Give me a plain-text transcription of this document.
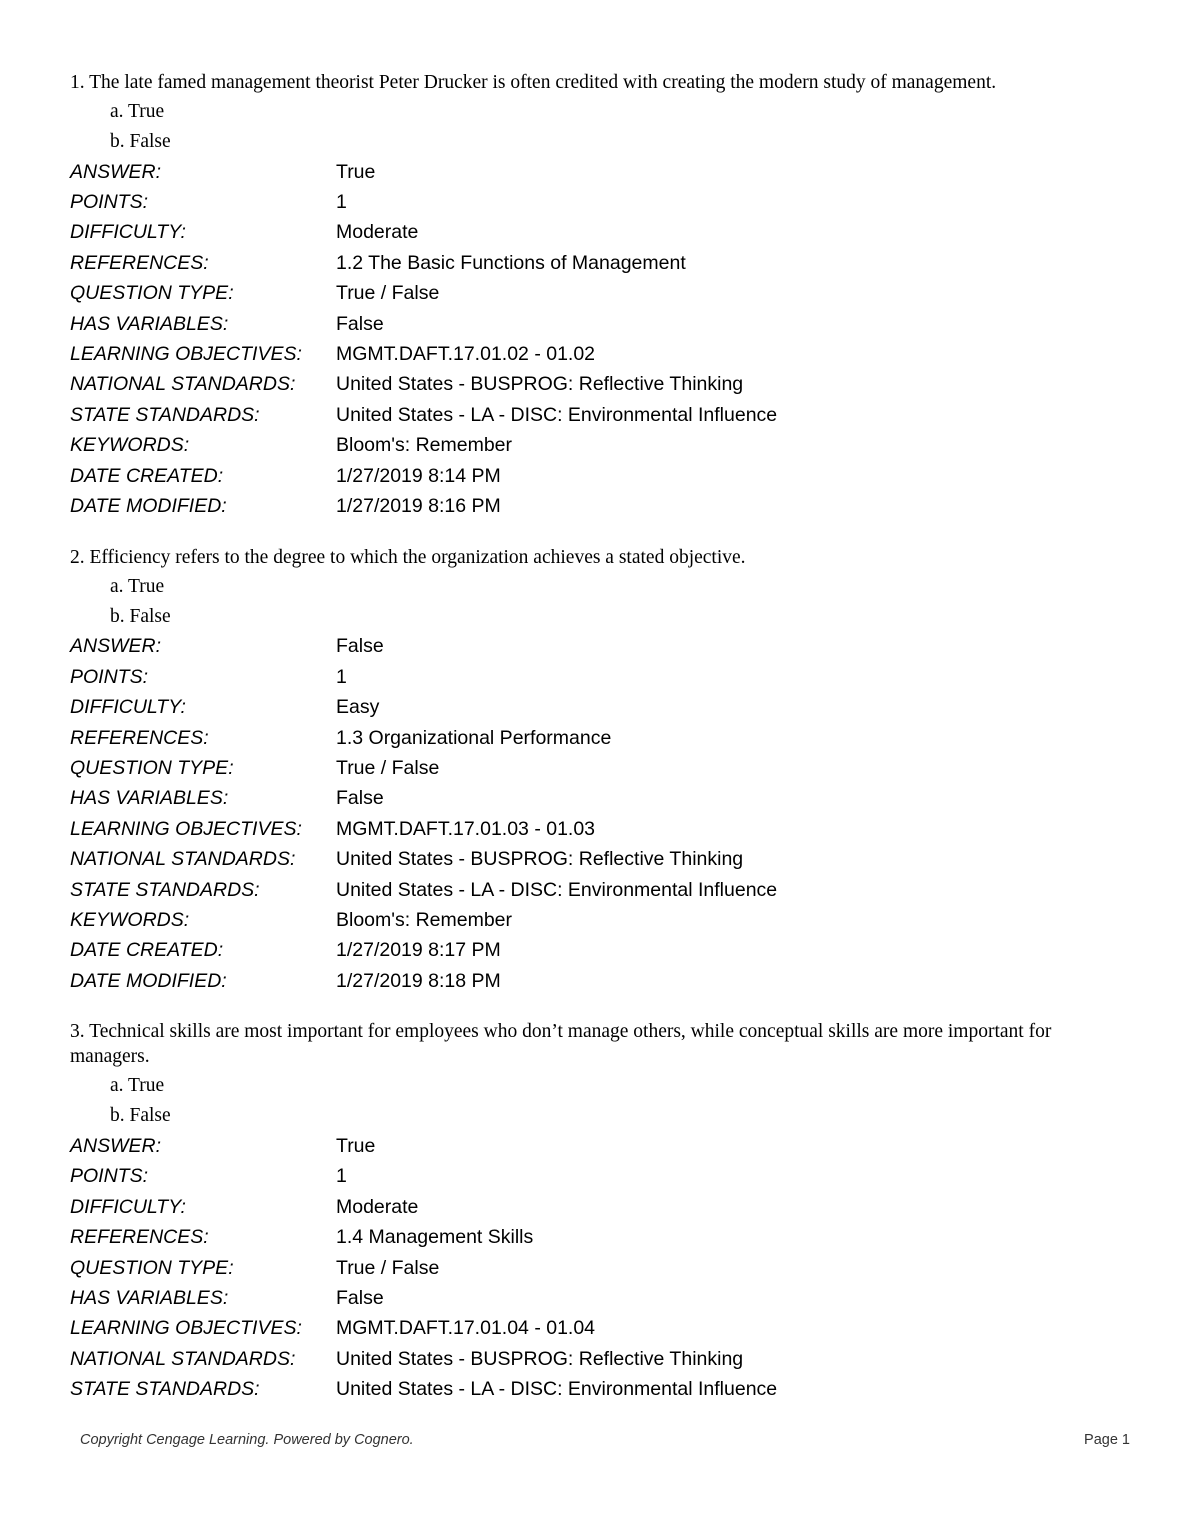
1. The late famed management theorist Peter Drucker is often credited with creating the modern study of management.

a. True
b. False
ANSWER:	True
POINTS:	1
DIFFICULTY:	Moderate
REFERENCES:	1.2 The Basic Functions of Management
QUESTION TYPE:	True / False
HAS VARIABLES:	False
LEARNING OBJECTIVES:	MGMT.DAFT.17.01.02 - 01.02
NATIONAL STANDARDS:	United States - BUSPROG: Reflective Thinking
STATE STANDARDS:	United States - LA - DISC: Environmental Influence
KEYWORDS:	Bloom's: Remember
DATE CREATED:	1/27/2019 8:14 PM
DATE MODIFIED:	1/27/2019 8:16 PM

2. Efficiency refers to the degree to which the organization achieves a stated objective.

a. True
b. False
ANSWER:	False
POINTS:	1
DIFFICULTY:	Easy
REFERENCES:	1.3 Organizational Performance
QUESTION TYPE:	True / False
HAS VARIABLES:	False
LEARNING OBJECTIVES:	MGMT.DAFT.17.01.03 - 01.03
NATIONAL STANDARDS:	United States - BUSPROG: Reflective Thinking
STATE STANDARDS:	United States - LA - DISC: Environmental Influence
KEYWORDS:	Bloom's: Remember
DATE CREATED:	1/27/2019 8:17 PM
DATE MODIFIED:	1/27/2019 8:18 PM

3. Technical skills are most important for employees who don’t manage others, while conceptual skills are more important for managers.

a. True
b. False
ANSWER:	True
POINTS:	1
DIFFICULTY:	Moderate
REFERENCES:	1.4 Management Skills
QUESTION TYPE:	True / False
HAS VARIABLES:	False
LEARNING OBJECTIVES:	MGMT.DAFT.17.01.04 - 01.04
NATIONAL STANDARDS:	United States - BUSPROG: Reflective Thinking
STATE STANDARDS:	United States - LA - DISC: Environmental Influence
Copyright Cengage Learning. Powered by Cognero.	Page 1
